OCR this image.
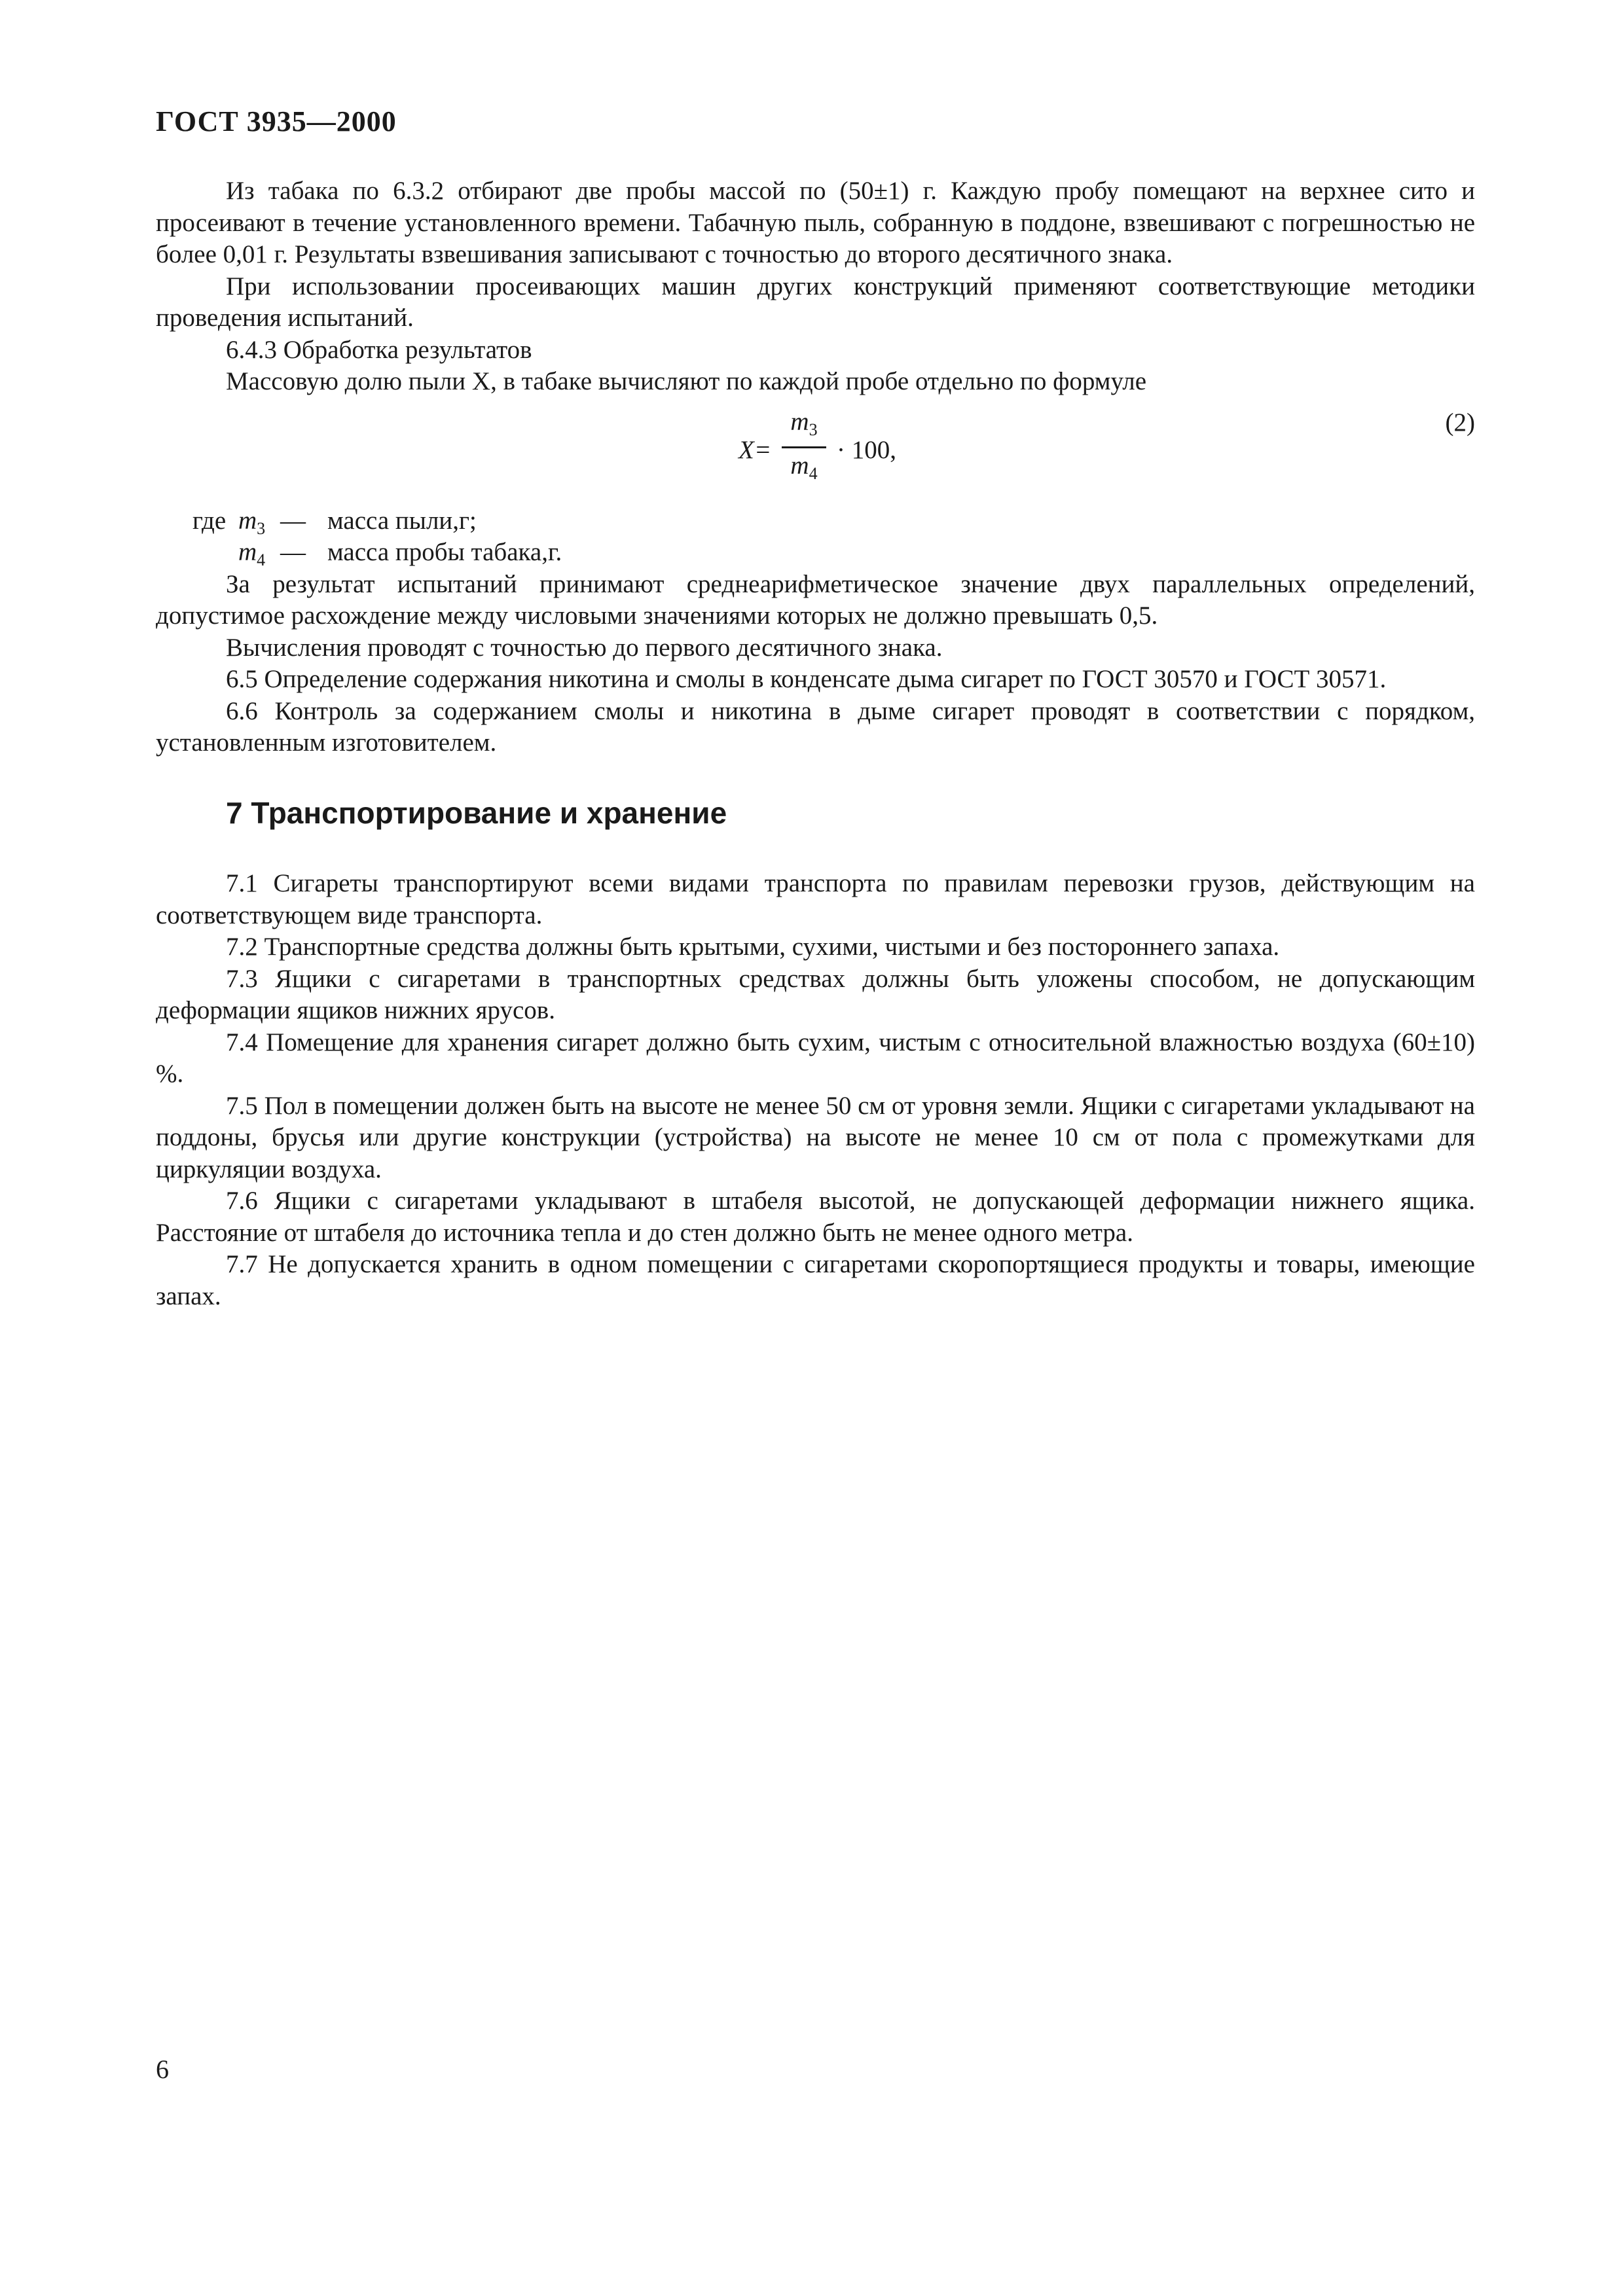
ГОСТ 3935—2000

Из табака по 6.3.2 отбирают две пробы массой по (50±1) г. Каждую пробу помещают на верхнее сито и просеивают в течение установленного времени. Табачную пыль, собранную в поддоне, взвешивают с погрешностью не более 0,01 г. Результаты взвешивания записывают с точностью до второго десятичного знака.

При использовании просеивающих машин других конструкций применяют соответствующие методики проведения испытаний.

6.4.3 Обработка результатов

Массовую долю пыли X, в табаке вычисляют по каждой пробе отдельно по формуле

X=
$m_3$
$m_4$
· 100,
(2)
где $m_3$ — масса пыли,г;
$m_4$ — масса пробы табака,г.

За результат испытаний принимают среднеарифметическое значение двух параллельных определений, допустимое расхождение между числовыми значениями которых не должно превышать 0,5.

Вычисления проводят с точностью до первого десятичного знака.

6.5 Определение содержания никотина и смолы в конденсате дыма сигарет по ГОСТ 30570 и ГОСТ 30571.

6.6 Контроль за содержанием смолы и никотина в дыме сигарет проводят в соответствии с порядком, установленным изготовителем.

7 Транспортирование и хранение

7.1 Сигареты транспортируют всеми видами транспорта по правилам перевозки грузов, действующим на соответствующем виде транспорта.

7.2 Транспортные средства должны быть крытыми, сухими, чистыми и без постороннего запаха.

7.3 Ящики с сигаретами в транспортных средствах должны быть уложены способом, не допускающим деформации ящиков нижних ярусов.

7.4 Помещение для хранения сигарет должно быть сухим, чистым с относительной влажностью воздуха (60±10) %.

7.5 Пол в помещении должен быть на высоте не менее 50 см от уровня земли. Ящики с сигаретами укладывают на поддоны, брусья или другие конструкции (устройства) на высоте не менее 10 см от пола с промежутками для циркуляции воздуха.

7.6 Ящики с сигаретами укладывают в штабеля высотой, не допускающей деформации нижнего ящика. Расстояние от штабеля до источника тепла и до стен должно быть не менее одного метра.

7.7 Не допускается хранить в одном помещении с сигаретами скоропортящиеся продукты и товары, имеющие запах.

6
